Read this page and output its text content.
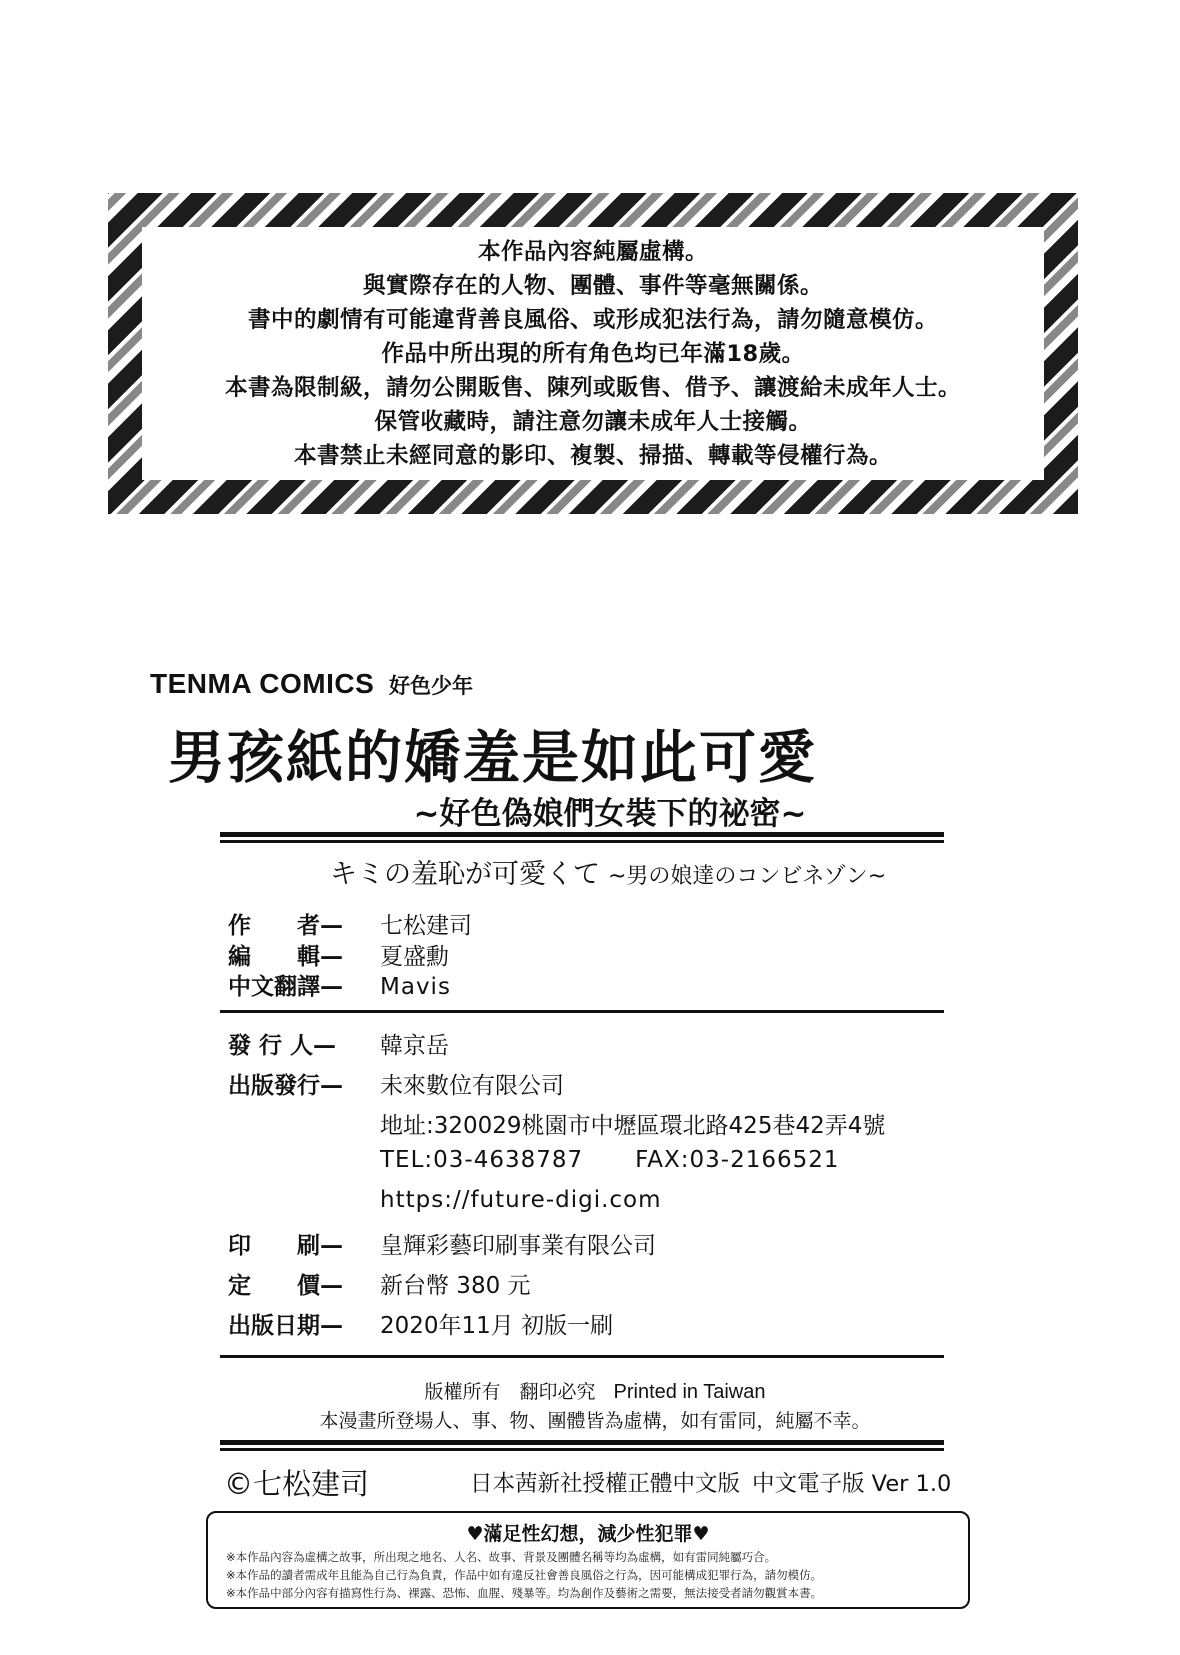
本作品內容純屬虛構。
與實際存在的人物、團體、事件等毫無關係。
書中的劇情有可能違背善良風俗、或形成犯法行為，請勿隨意模仿。
作品中所出現的所有角色均已年滿18歲。
本書為限制級，請勿公開販售、陳列或販售、借予、讓渡給未成年人士。
保管收藏時，請注意勿讓未成年人士接觸。
本書禁止未經同意的影印、複製、掃描、轉載等侵權行為。
TENMA COMICS 好色少年
男孩紙的嬌羞是如此可愛
~好色偽娘們女裝下的祕密~
キミの羞恥が可愛くて ~男の娘達のコンビネゾン~
作　　者— 七松建司
編　　輯— 夏盛勳
中文翻譯— Mavis
發 行 人— 韓京岳
出版發行— 未來數位有限公司
地址:320029桃園市中壢區環北路425巷42弄4號
TEL:03-4638787 FAX:03-2166521
https://future-digi.com
印　　刷— 皇輝彩藝印刷事業有限公司
定　　價— 新台幣 380 元
出版日期— 2020年11月 初版一刷
版權所有　翻印必究 Printed in Taiwan
本漫畫所登場人、事、物、團體皆為虛構，如有雷同，純屬不幸。
©七松建司	日本茜新社授權正體中文版 中文電子版 Ver 1.0
♥滿足性幻想，減少性犯罪♥
※本作品內容為虛構之故事，所出現之地名、人名、故事、背景及團體名稱等均為虛構，如有雷同純屬巧合。
※本作品的讀者需成年且能為自己行為負責，作品中如有違反社會善良風俗之行為，因可能構成犯罪行為，請勿模仿。
※本作品中部分內容有描寫性行為、裸露、恐怖、血腥、殘暴等。均為創作及藝術之需要，無法接受者請勿觀賞本書。
